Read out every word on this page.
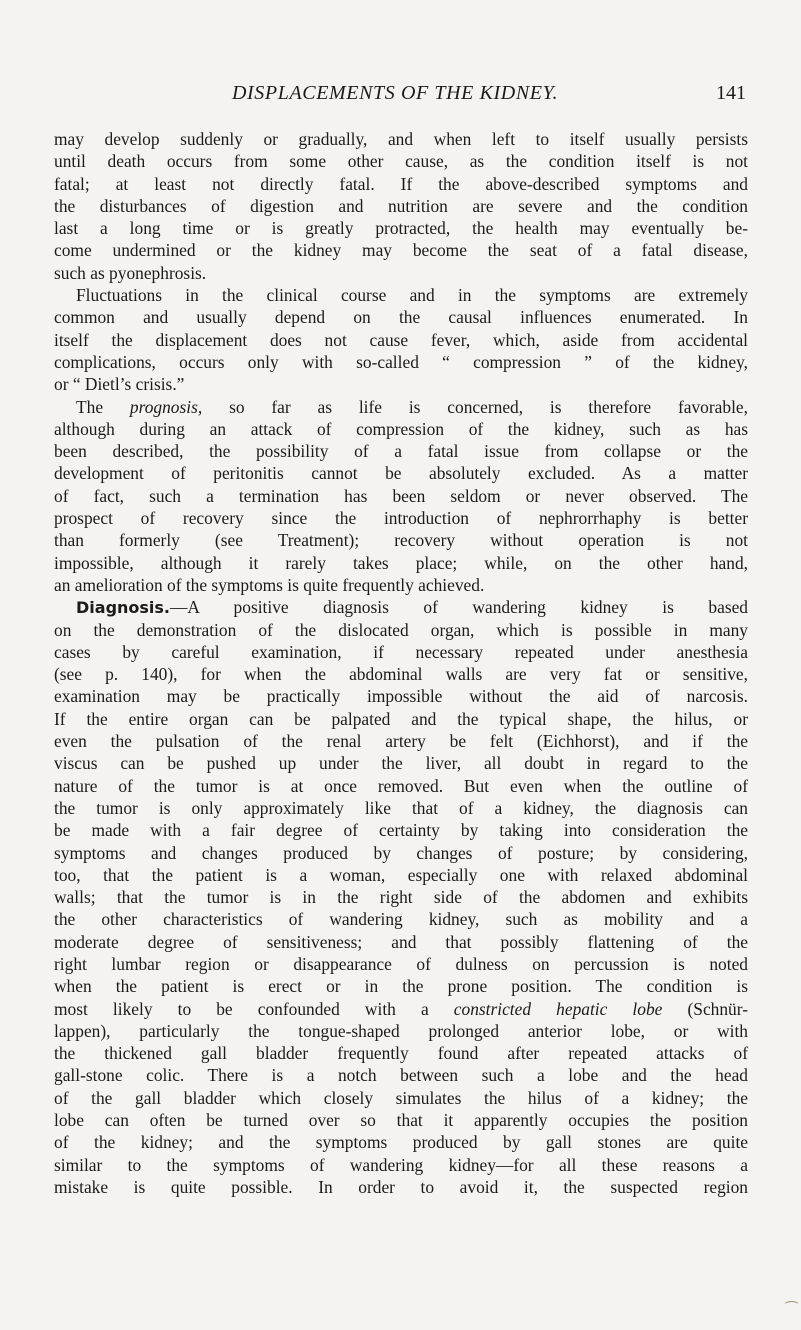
DISPLACEMENTS OF THE KIDNEY.	141
may develop suddenly or gradually, and when left to itself usually persists
until death occurs from some other cause, as the condition itself is not
fatal; at least not directly fatal. If the above-described symptoms and
the disturbances of digestion and nutrition are severe and the condition
last a long time or is greatly protracted, the health may eventually be-
come undermined or the kidney may become the seat of a fatal disease,
such as pyonephrosis.
Fluctuations in the clinical course and in the symptoms are extremely
common and usually depend on the causal influences enumerated. In
itself the displacement does not cause fever, which, aside from accidental
complications, occurs only with so-called “ compression ” of the kidney,
or “ Dietl’s crisis.”
The prognosis, so far as life is concerned, is therefore favorable,
although during an attack of compression of the kidney, such as has
been described, the possibility of a fatal issue from collapse or the
development of peritonitis cannot be absolutely excluded. As a matter
of fact, such a termination has been seldom or never observed. The
prospect of recovery since the introduction of nephrorrhaphy is better
than formerly (see Treatment); recovery without operation is not
impossible, although it rarely takes place; while, on the other hand,
an amelioration of the symptoms is quite frequently achieved.
Diagnosis.—A positive diagnosis of wandering kidney is based
on the demonstration of the dislocated organ, which is possible in many
cases by careful examination, if necessary repeated under anesthesia
(see p. 140), for when the abdominal walls are very fat or sensitive,
examination may be practically impossible without the aid of narcosis.
If the entire organ can be palpated and the typical shape, the hilus, or
even the pulsation of the renal artery be felt (Eichhorst), and if the
viscus can be pushed up under the liver, all doubt in regard to the
nature of the tumor is at once removed. But even when the outline of
the tumor is only approximately like that of a kidney, the diagnosis can
be made with a fair degree of certainty by taking into consideration the
symptoms and changes produced by changes of posture; by considering,
too, that the patient is a woman, especially one with relaxed abdominal
walls; that the tumor is in the right side of the abdomen and exhibits
the other characteristics of wandering kidney, such as mobility and a
moderate degree of sensitiveness; and that possibly flattening of the
right lumbar region or disappearance of dulness on percussion is noted
when the patient is erect or in the prone position. The condition is
most likely to be confounded with a constricted hepatic lobe (Schnür-
lappen), particularly the tongue-shaped prolonged anterior lobe, or with
the thickened gall bladder frequently found after repeated attacks of
gall-stone colic. There is a notch between such a lobe and the head
of the gall bladder which closely simulates the hilus of a kidney; the
lobe can often be turned over so that it apparently occupies the position
of the kidney; and the symptoms produced by gall stones are quite
similar to the symptoms of wandering kidney—for all these reasons a
mistake is quite possible. In order to avoid it, the suspected region
⁀
